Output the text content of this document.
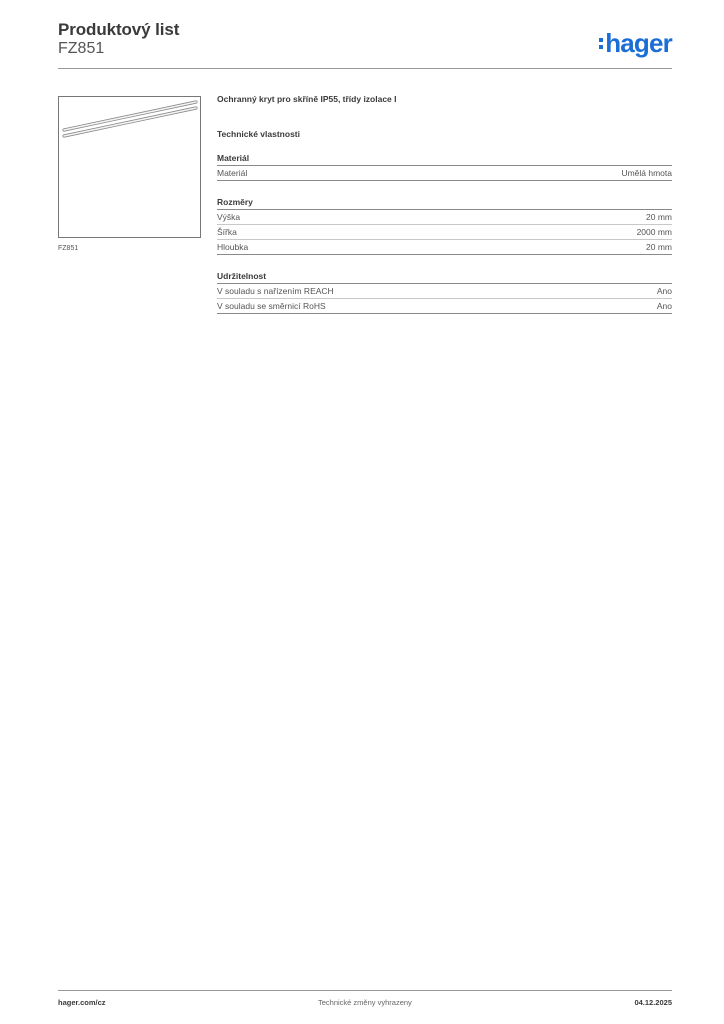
Produktový list
FZ851	hager
FZ851
Ochranný kryt pro skříně IP55, třídy izolace I
Technické vlastnosti
Materiál
Materiál	Umělá hmota
Rozměry
Výška	20 mm
Šířka	2000 mm
Hloubka	20 mm
Udržitelnost
V souladu s nařízením REACH	Ano
V souladu se směrnicí RoHS	Ano
hager.com/cz	Technické změny vyhrazeny	04.12.2025
